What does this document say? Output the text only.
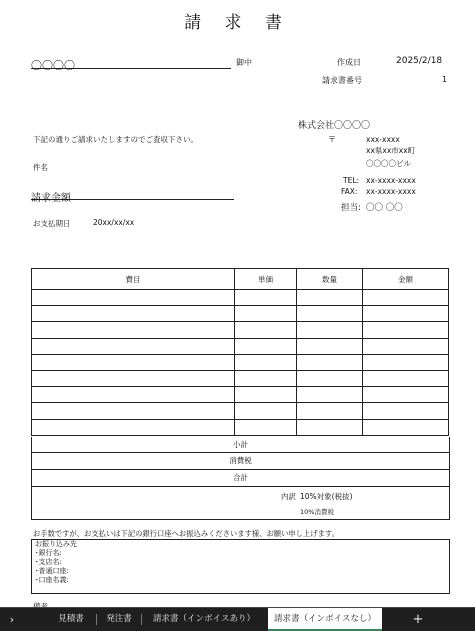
請 求 書
〇〇〇〇	御中	作成日	2025/2/18
請求書番号	1
株式会社〇〇〇〇
〒	xxx-xxxx
xx県xx市xx町
〇〇〇〇ビル
TEL: xx-xxxx-xxxx
FAX: xx-xxxx-xxxx
担当: 〇〇 〇〇
下記の通りご請求いたしますのでご査収下さい。
件名
請求金額
お支払期日	20xx/xx/xx
費目	単価	数量	金額

小計
消費税
合計
内訳 10%対象(税抜)
10%消費税
お手数ですが、お支払いは下記の銀行口座へお振込みくださいます様、お願い申し上げます。
お振り込み先
･銀行名:
･支店名:
･普通口座:
･口座名義:
›	見積書	発注書	請求書（インボイスあり）	請求書（インボイスなし）	+
